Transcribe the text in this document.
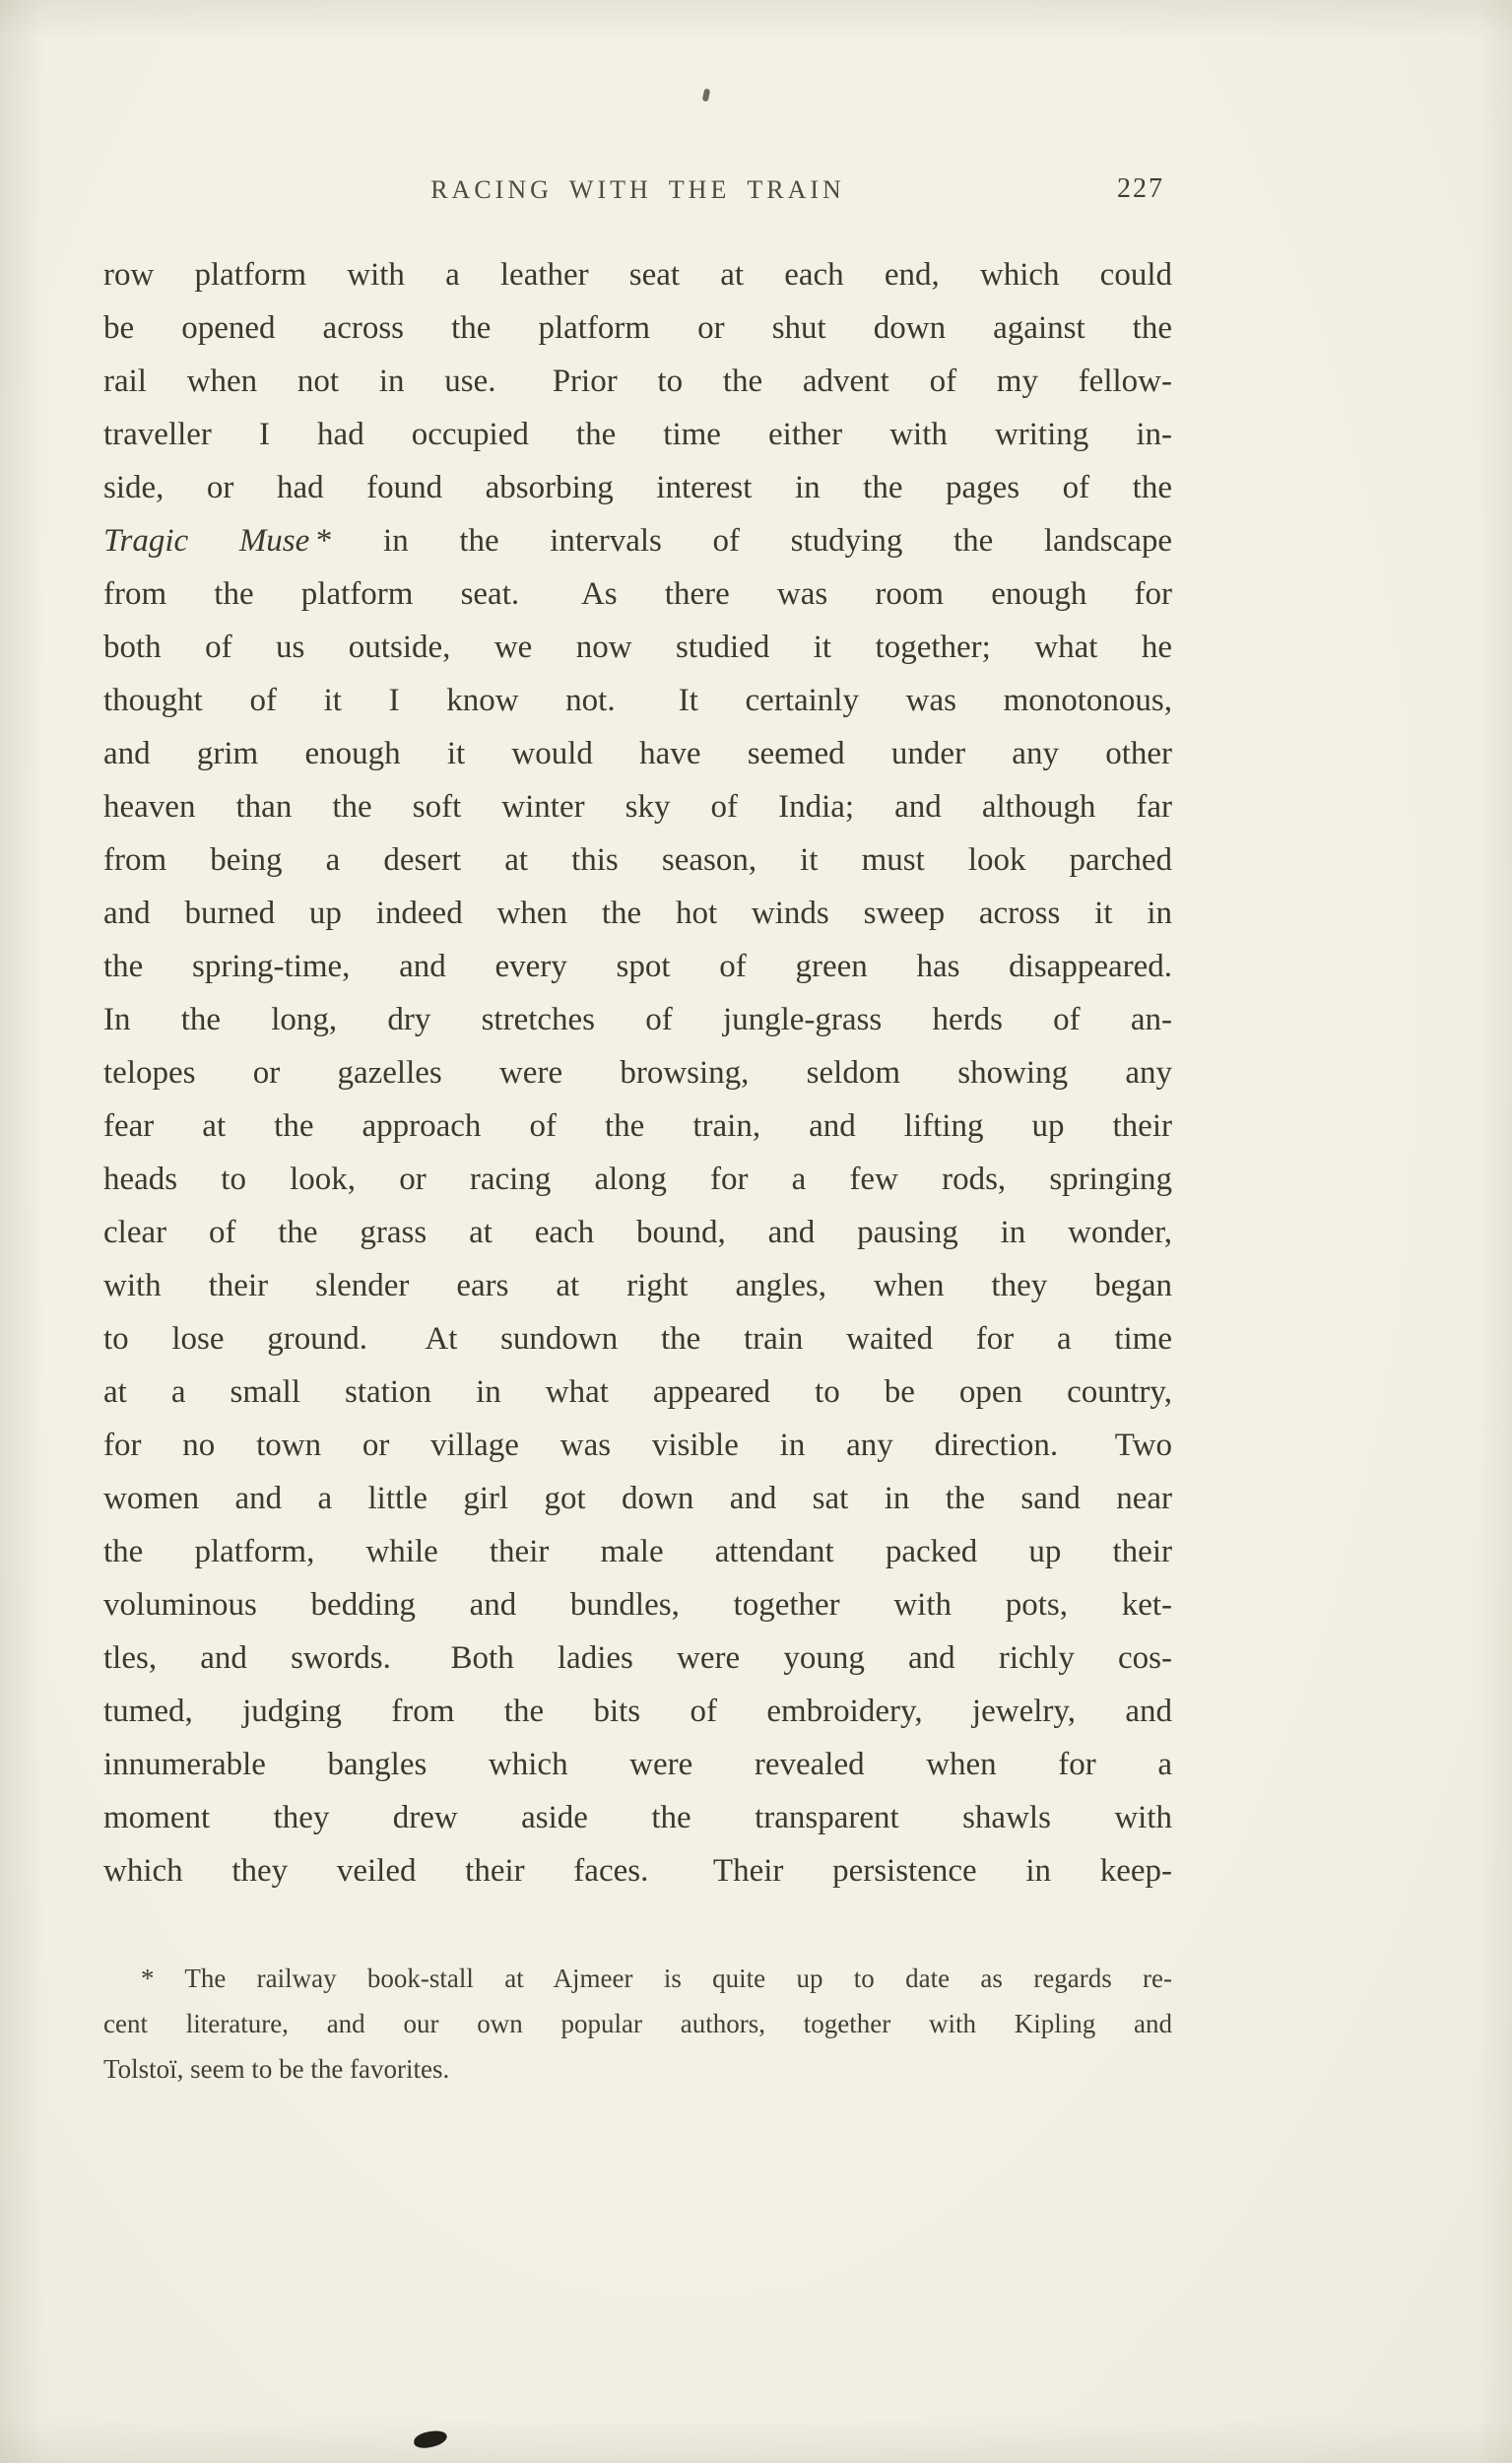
RACING WITH THE TRAIN	227
row platform with a leather seat at each end, which could
be opened across the platform or shut down against the
rail when not in use.  Prior to the advent of my fellow-
traveller I had occupied the time either with writing in-
side, or had found absorbing interest in the pages of the
Tragic Muse * in the intervals of studying the landscape
from the platform seat.  As there was room enough for
both of us outside, we now studied it together; what he
thought of it I know not.  It certainly was monotonous,
and grim enough it would have seemed under any other
heaven than the soft winter sky of India; and although far
from being a desert at this season, it must look parched
and burned up indeed when the hot winds sweep across it in
the spring-time, and every spot of green has disappeared.
In the long, dry stretches of jungle-grass herds of an-
telopes or gazelles were browsing, seldom showing any
fear at the approach of the train, and lifting up their
heads to look, or racing along for a few rods, springing
clear of the grass at each bound, and pausing in wonder,
with their slender ears at right angles, when they began
to lose ground.  At sundown the train waited for a time
at a small station in what appeared to be open country,
for no town or village was visible in any direction.  Two
women and a little girl got down and sat in the sand near
the platform, while their male attendant packed up their
voluminous bedding and bundles, together with pots, ket-
tles, and swords.  Both ladies were young and richly cos-
tumed, judging from the bits of embroidery, jewelry, and
innumerable bangles which were revealed when for a
moment they drew aside the transparent shawls with
which they veiled their faces.  Their persistence in keep-
* The railway book-stall at Ajmeer is quite up to date as regards re-
cent literature, and our own popular authors, together with Kipling and
Tolstoï, seem to be the favorites.
